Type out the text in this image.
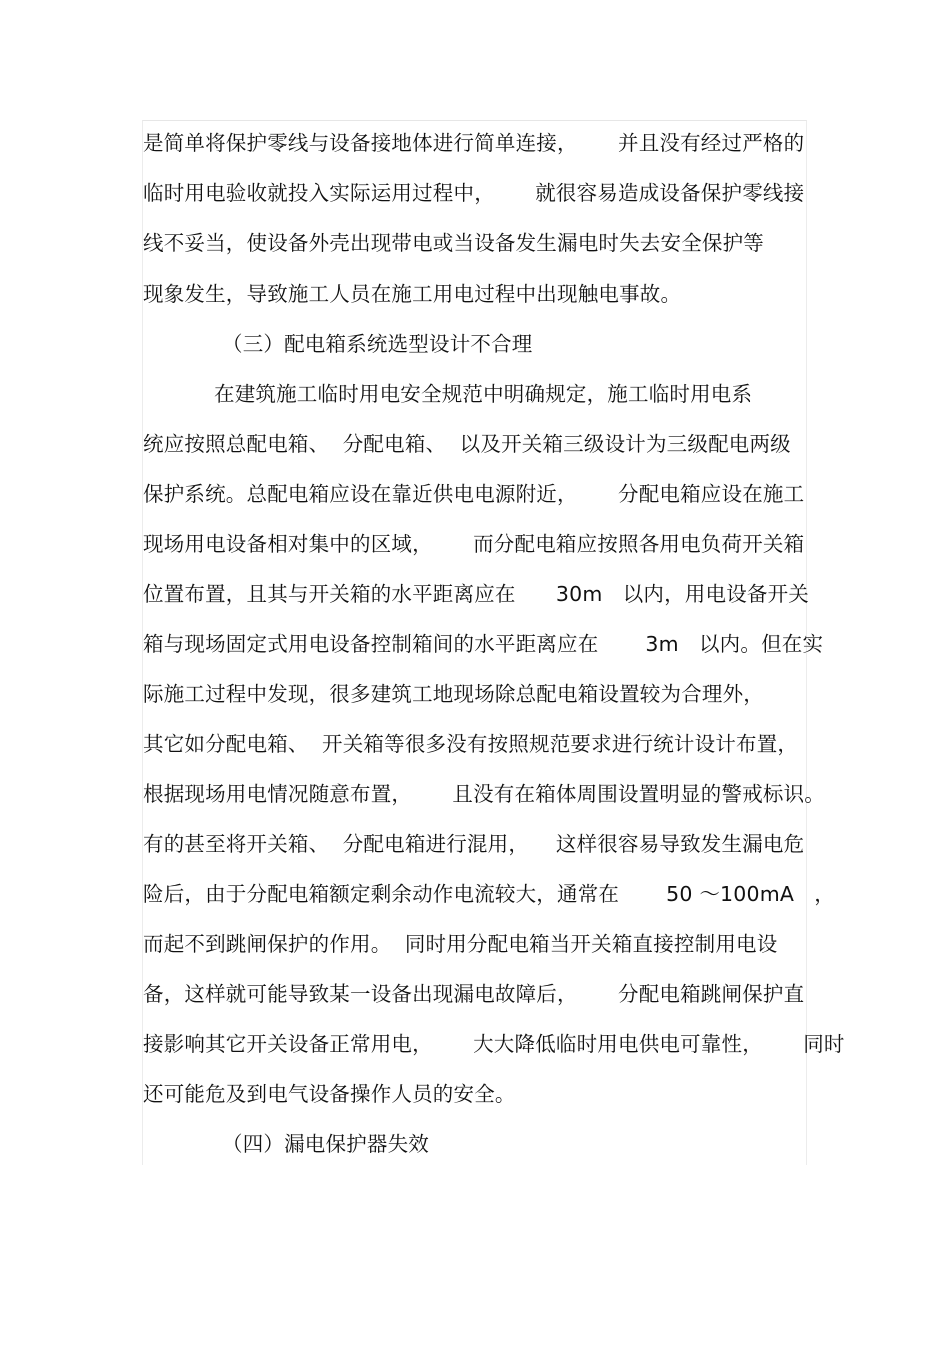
是简单将保护零线与设备接地体进行简单连接，      并且没有经过严格的
临时用电验收就投入实际运用过程中，      就很容易造成设备保护零线接
线不妥当，使设备外壳出现带电或当设备发生漏电时失去安全保护等
现象发生，导致施工人员在施工用电过程中出现触电事故。
（三）配电箱系统选型设计不合理
在建筑施工临时用电安全规范中明确规定，施工临时用电系
统应按照总配电箱、  分配电箱、  以及开关箱三级设计为三级配电两级
保护系统。总配电箱应设在靠近供电电源附近，      分配电箱应设在施工
现场用电设备相对集中的区域，      而分配电箱应按照各用电负荷开关箱
位置布置，且其与开关箱的水平距离应在      30m   以内，用电设备开关
箱与现场固定式用电设备控制箱间的水平距离应在       3m   以内。但在实
际施工过程中发现，很多建筑工地现场除总配电箱设置较为合理外，
其它如分配电箱、  开关箱等很多没有按照规范要求进行统计设计布置，
根据现场用电情况随意布置，      且没有在箱体周围设置明显的警戒标识。
有的甚至将开关箱、  分配电箱进行混用，    这样很容易导致发生漏电危
险后，由于分配电箱额定剩余动作电流较大，通常在       50 ～100mA   ，
而起不到跳闸保护的作用。  同时用分配电箱当开关箱直接控制用电设
备，这样就可能导致某一设备出现漏电故障后，      分配电箱跳闸保护直
接影响其它开关设备正常用电，      大大降低临时用电供电可靠性，      同时
还可能危及到电气设备操作人员的安全。
（四）漏电保护器失效
